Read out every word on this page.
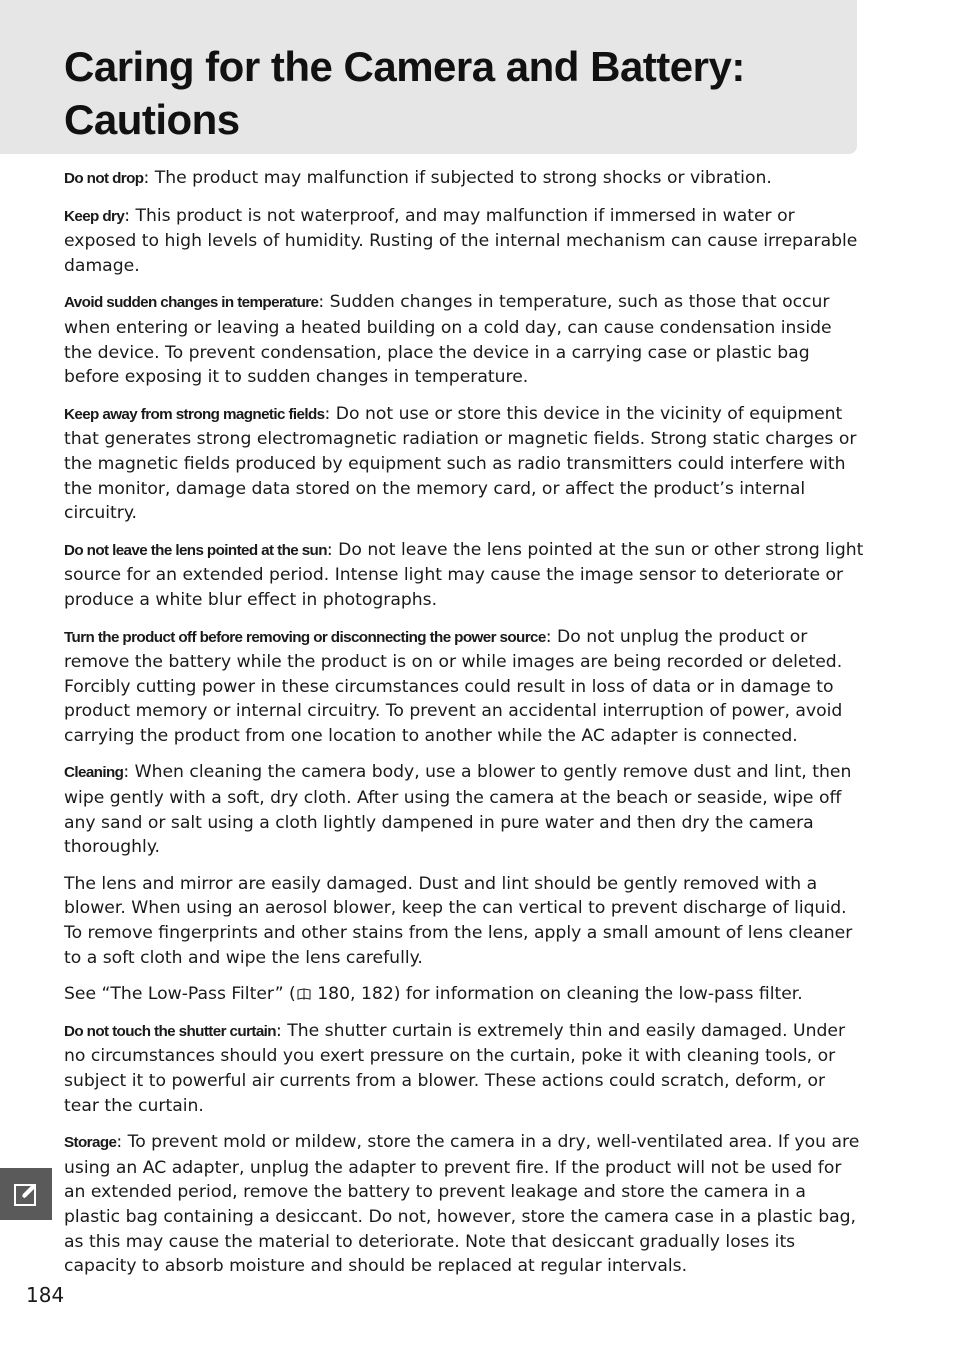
Caring for the Camera and Battery: Cautions

Do not drop: The product may malfunction if subjected to strong shocks or vibration.

Keep dry: This product is not waterproof, and may malfunction if immersed in water or exposed to high levels of humidity. Rusting of the internal mechanism can cause irreparable damage.

Avoid sudden changes in temperature: Sudden changes in temperature, such as those that occur when entering or leaving a heated building on a cold day, can cause condensation inside the device. To prevent condensation, place the device in a carrying case or plastic bag before exposing it to sudden changes in temperature.

Keep away from strong magnetic fields: Do not use or store this device in the vicinity of equipment that generates strong electromagnetic radiation or magnetic fields. Strong static charges or the magnetic fields produced by equipment such as radio transmitters could interfere with the monitor, damage data stored on the memory card, or affect the product’s internal circuitry.

Do not leave the lens pointed at the sun: Do not leave the lens pointed at the sun or other strong light source for an extended period. Intense light may cause the image sensor to deteriorate or produce a white blur effect in photographs.

Turn the product off before removing or disconnecting the power source: Do not unplug the product or remove the battery while the product is on or while images are being recorded or deleted. Forcibly cutting power in these circumstances could result in loss of data or in damage to product memory or internal circuitry. To prevent an accidental interruption of power, avoid carrying the product from one location to another while the AC adapter is connected.

Cleaning: When cleaning the camera body, use a blower to gently remove dust and lint, then wipe gently with a soft, dry cloth. After using the camera at the beach or seaside, wipe off any sand or salt using a cloth lightly dampened in pure water and then dry the camera thoroughly.

The lens and mirror are easily damaged. Dust and lint should be gently removed with a blower. When using an aerosol blower, keep the can vertical to prevent discharge of liquid. To remove fingerprints and other stains from the lens, apply a small amount of lens cleaner to a soft cloth and wipe the lens carefully.

See “The Low-Pass Filter” ( 180, 182) for information on cleaning the low-pass filter.

Do not touch the shutter curtain: The shutter curtain is extremely thin and easily damaged. Under no circumstances should you exert pressure on the curtain, poke it with cleaning tools, or subject it to powerful air currents from a blower. These actions could scratch, deform, or tear the curtain.

Storage: To prevent mold or mildew, store the camera in a dry, well-ventilated area. If you are using an AC adapter, unplug the adapter to prevent fire. If the product will not be used for an extended period, remove the battery to prevent leakage and store the camera in a plastic bag containing a desiccant. Do not, however, store the camera case in a plastic bag, as this may cause the material to deteriorate. Note that desiccant gradually loses its capacity to absorb moisture and should be replaced at regular intervals.

184
